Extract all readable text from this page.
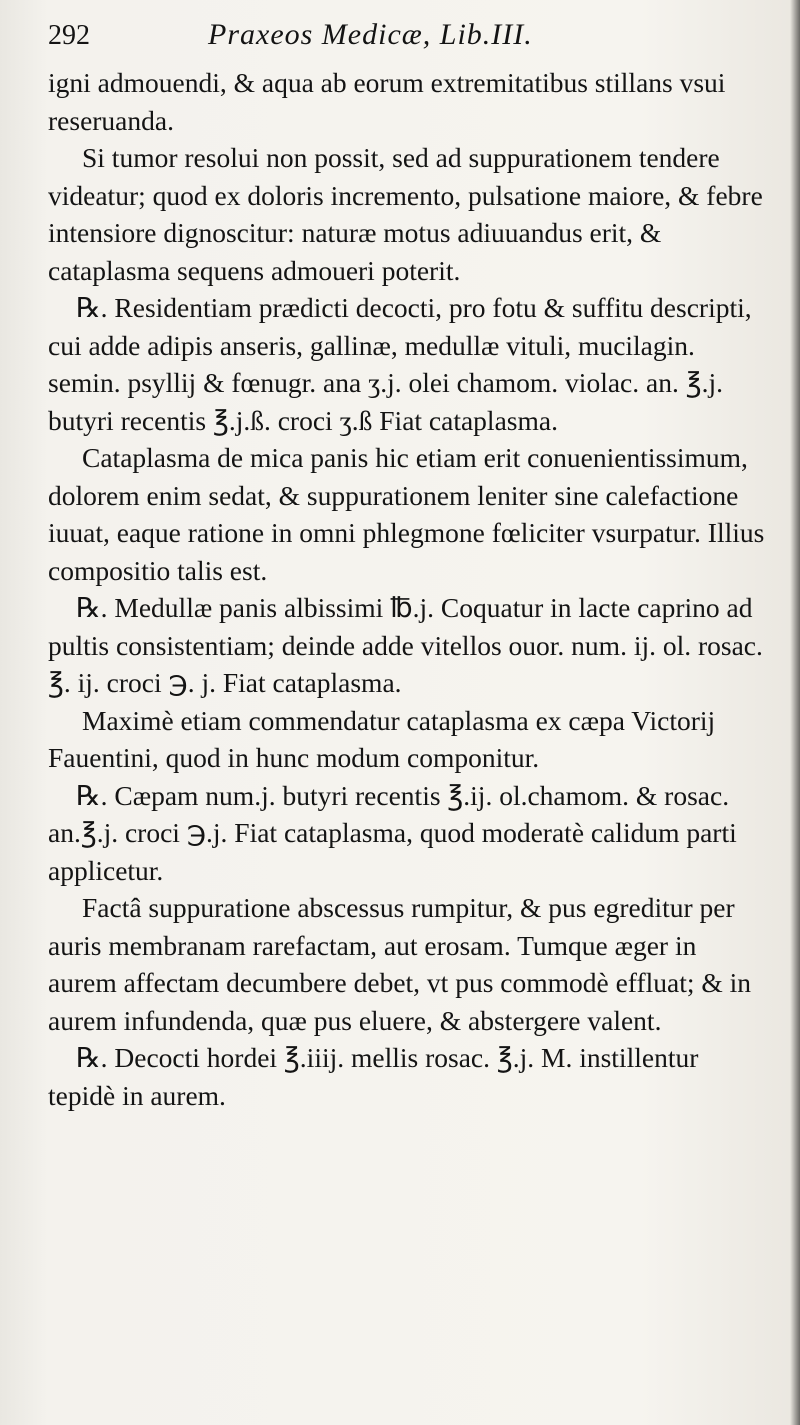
292	Praxeos Medicæ, Lib.III.

igni admouendi, & aqua ab eorum extremitatibus stillans vsui reseruanda.

Si tumor resolui non possit, sed ad suppurationem tendere videatur; quod ex doloris incremento, pulsatione maiore, & febre intensiore dignoscitur: naturæ motus adiuuandus erit, & cataplasma sequens admoueri poterit.

℞. Residentiam prædicti decocti, pro fotu & suffitu descripti, cui adde adipis anseris, gallinæ, medullæ vituli, mucilagin. semin. psyllij & fœnugr. ana ʒ.j. olei chamom. violac. an. ℥.j. butyri recentis ℥.j.ß. croci ʒ.ß Fiat cataplasma.

Cataplasma de mica panis hic etiam erit conuenientissimum, dolorem enim sedat, & suppurationem leniter sine calefactione iuuat, eaque ratione in omni phlegmone fœliciter vsurpatur. Illius compositio talis est.

℞. Medullæ panis albissimi ℔.j. Coquatur in lacte caprino ad pultis consistentiam; deinde adde vitellos ouor. num. ij. ol. rosac. ℥. ij. croci ℈. j. Fiat cataplasma.

Maximè etiam commendatur cataplasma ex cæpa Victorij Fauentini, quod in hunc modum componitur.

℞. Cæpam num.j. butyri recentis ℥.ij. ol.chamom. & rosac. an.℥.j. croci ℈.j. Fiat cataplasma, quod moderatè calidum parti applicetur.

Factâ suppuratione abscessus rumpitur, & pus egreditur per auris membranam rarefactam, aut erosam. Tumque æger in aurem affectam decumbere debet, vt pus commodè effluat; & in aurem infundenda, quæ pus eluere, & abstergere valent.

℞. Decocti hordei ℥.iiij. mellis rosac. ℥.j. M. instillentur tepidè in aurem.
